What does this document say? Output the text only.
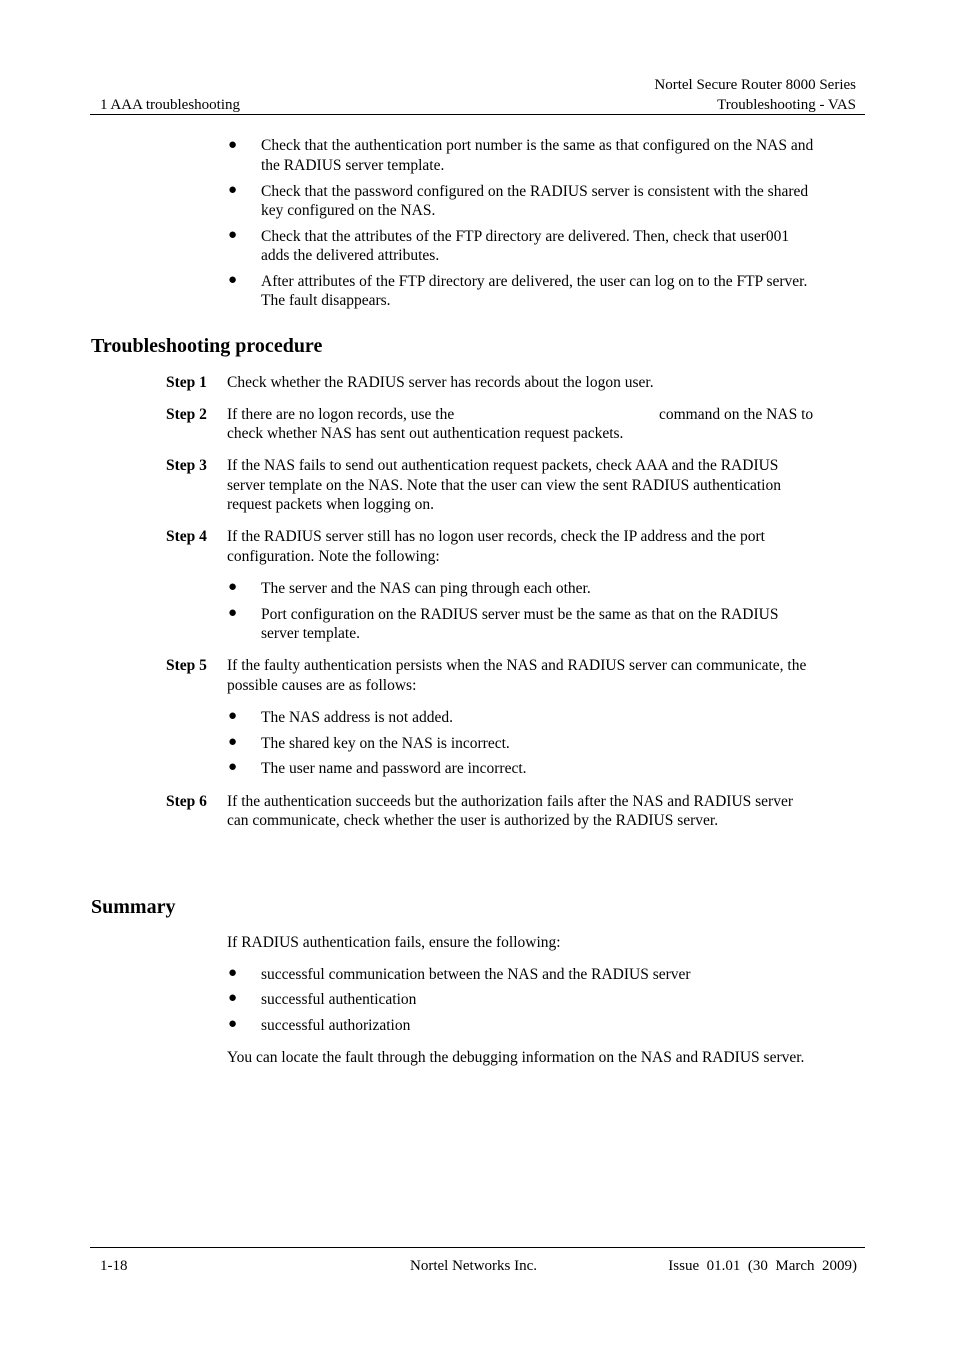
Nortel Secure Router 8000 Series
1 AAA troubleshooting	Troubleshooting - VAS
● Check that the authentication port number is the same as that configured on the NAS and
the RADIUS server template.
● Check that the password configured on the RADIUS server is consistent with the shared
key configured on the NAS.
● Check that the attributes of the FTP directory are delivered. Then, check that user001
adds the delivered attributes.
● After attributes of the FTP directory are delivered, the user can log on to the FTP server.
The fault disappears.
Troubleshooting procedure
Step 1 Check whether the RADIUS server has records about the logon user.
Step 2 If there are no logon records, use the	command on the NAS to
check whether NAS has sent out authentication request packets.
Step 3 If the NAS fails to send out authentication request packets, check AAA and the RADIUS
server template on the NAS. Note that the user can view the sent RADIUS authentication
request packets when logging on.
Step 4 If the RADIUS server still has no logon user records, check the IP address and the port
configuration. Note the following:
● The server and the NAS can ping through each other.
● Port configuration on the RADIUS server must be the same as that on the RADIUS
server template.
Step 5 If the faulty authentication persists when the NAS and RADIUS server can communicate, the
possible causes are as follows:
● The NAS address is not added.
● The shared key on the NAS is incorrect.
● The user name and password are incorrect.
Step 6 If the authentication succeeds but the authorization fails after the NAS and RADIUS server
can communicate, check whether the user is authorized by the RADIUS server.
Summary
If RADIUS authentication fails, ensure the following:
● successful communication between the NAS and the RADIUS server
● successful authentication
● successful authorization
You can locate the fault through the debugging information on the NAS and RADIUS server.
1-18	Nortel Networks Inc.	Issue  01.01  (30  March  2009)
